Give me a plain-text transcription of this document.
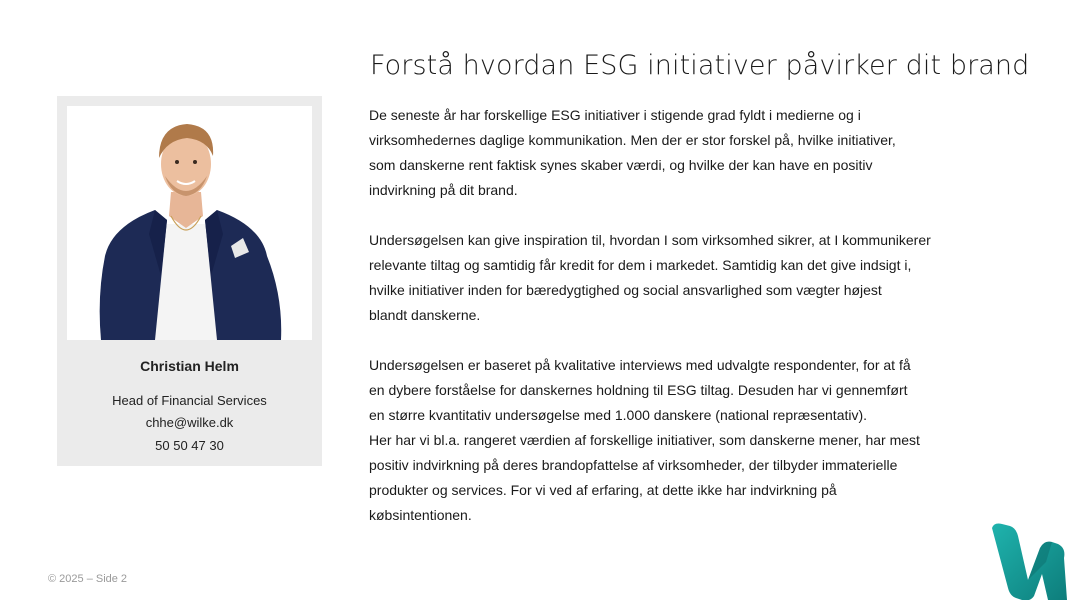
Christian Helm
Head of Financial Services
chhe@wilke.dk
50 50 47 30
Forstå hvordan ESG initiativer påvirker dit brand
De seneste år har forskellige ESG initiativer i stigende grad fyldt i medierne og i
virksomhedernes daglige kommunikation. Men der er stor forskel på, hvilke initiativer,
som danskerne rent faktisk synes skaber værdi, og hvilke der kan have en positiv
indvirkning på dit brand.
Undersøgelsen kan give inspiration til, hvordan I som virksomhed sikrer, at I kommunikerer
relevante tiltag og samtidig får kredit for dem i markedet. Samtidig kan det give indsigt i,
hvilke initiativer inden for bæredygtighed og social ansvarlighed som vægter højest
blandt danskerne.
Undersøgelsen er baseret på kvalitative interviews med udvalgte respondenter, for at få
en dybere forståelse for danskernes holdning til ESG tiltag. Desuden har vi gennemført
en større kvantitativ undersøgelse med 1.000 danskere (national repræsentativ).
Her har vi bl.a. rangeret værdien af forskellige initiativer, som danskerne mener, har mest
positiv indvirkning på deres brandopfattelse af virksomheder, der tilbyder immaterielle
produkter og services. For vi ved af erfaring, at dette ikke har indvirkning på
købsintentionen.
© 2025 – Side 2
